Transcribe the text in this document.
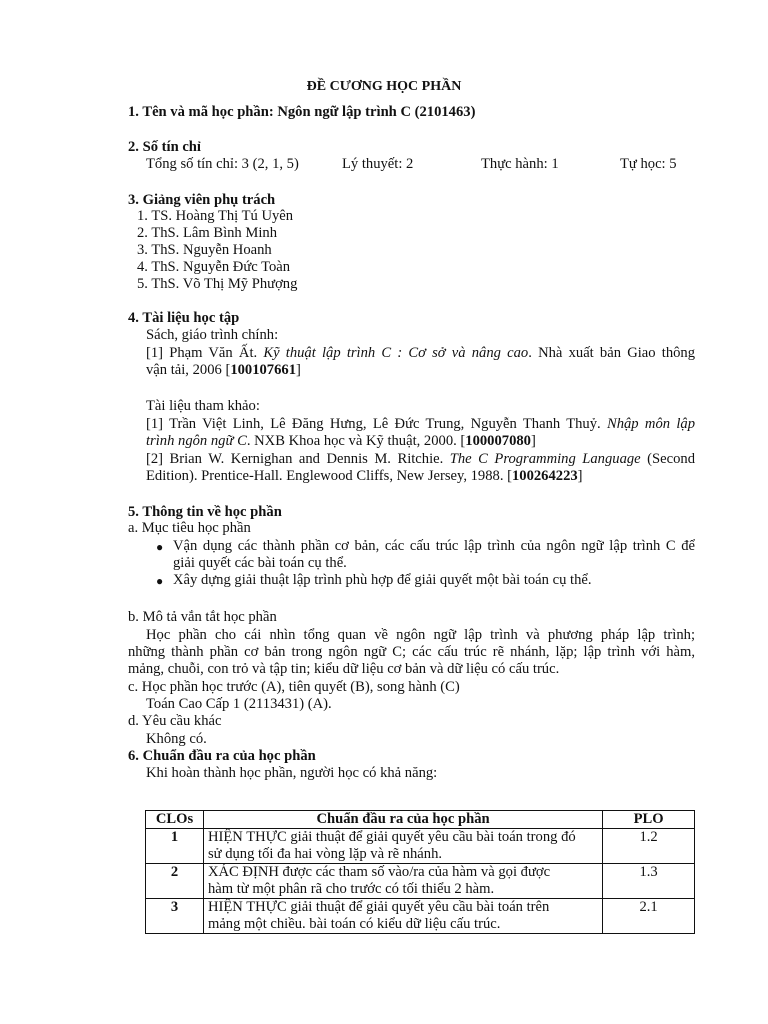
ĐỀ CƯƠNG HỌC PHẦN
1. Tên và mã học phần: Ngôn ngữ lập trình C (2101463)
2. Số tín chỉ
Tổng số tín chỉ: 3 (2, 1, 5)	Lý thuyết: 2	Thực hành: 1	Tự học: 5
3. Giảng viên phụ trách
1. TS. Hoàng Thị Tú Uyên
2. ThS. Lâm Bình Minh
3. ThS. Nguyễn Hoanh
4. ThS. Nguyễn Đức Toàn
5. ThS. Võ Thị Mỹ Phượng
4. Tài liệu học tập
Sách, giáo trình chính:
[1] Phạm Văn Ất. Kỹ thuật lập trình C : Cơ sở và nâng cao. Nhà xuất bản Giao thông
vận tải, 2006 [100107661]
Tài liệu tham khảo:
[1] Trần Việt Linh, Lê Đăng Hưng, Lê Đức Trung, Nguyễn Thanh Thuỷ. Nhập môn lập
trình ngôn ngữ C. NXB Khoa học và Kỹ thuật, 2000. [100007080]
[2] Brian W. Kernighan and Dennis M. Ritchie. The C Programming Language (Second
Edition). Prentice-Hall. Englewood Cliffs, New Jersey, 1988. [100264223]
5. Thông tin về học phần
a. Mục tiêu học phần
● Vận dụng các thành phần cơ bản, các cấu trúc lập trình của ngôn ngữ lập trình C để
giải quyết các bài toán cụ thể.
● Xây dựng giải thuật lập trình phù hợp để giải quyết một bài toán cụ thể.
b. Mô tả vắn tắt học phần
Học phần cho cái nhìn tổng quan về ngôn ngữ lập trình và phương pháp lập trình;
những thành phần cơ bản trong ngôn ngữ C; các cấu trúc rẽ nhánh, lặp; lập trình với hàm,
mảng, chuỗi, con trỏ và tập tin; kiểu dữ liệu cơ bản và dữ liệu có cấu trúc.
c. Học phần học trước (A), tiên quyết (B), song hành (C)
Toán Cao Cấp 1 (2113431) (A).
d. Yêu cầu khác
Không có.
6. Chuẩn đầu ra của học phần
Khi hoàn thành học phần, người học có khả năng:
CLOs	Chuẩn đầu ra của học phần	PLO
1	HIỆN THỰC giải thuật để giải quyết yêu cầu bài toán trong đó
sử dụng tối đa hai vòng lặp và rẽ nhánh.	1.2
2	XÁC ĐỊNH được các tham số vào/ra của hàm và gọi được
hàm từ một phân rã cho trước có tối thiểu 2 hàm.	1.3
3	HIỆN THỰC giải thuật để giải quyết yêu cầu bài toán trên
mảng một chiều. bài toán có kiểu dữ liệu cấu trúc.	2.1
